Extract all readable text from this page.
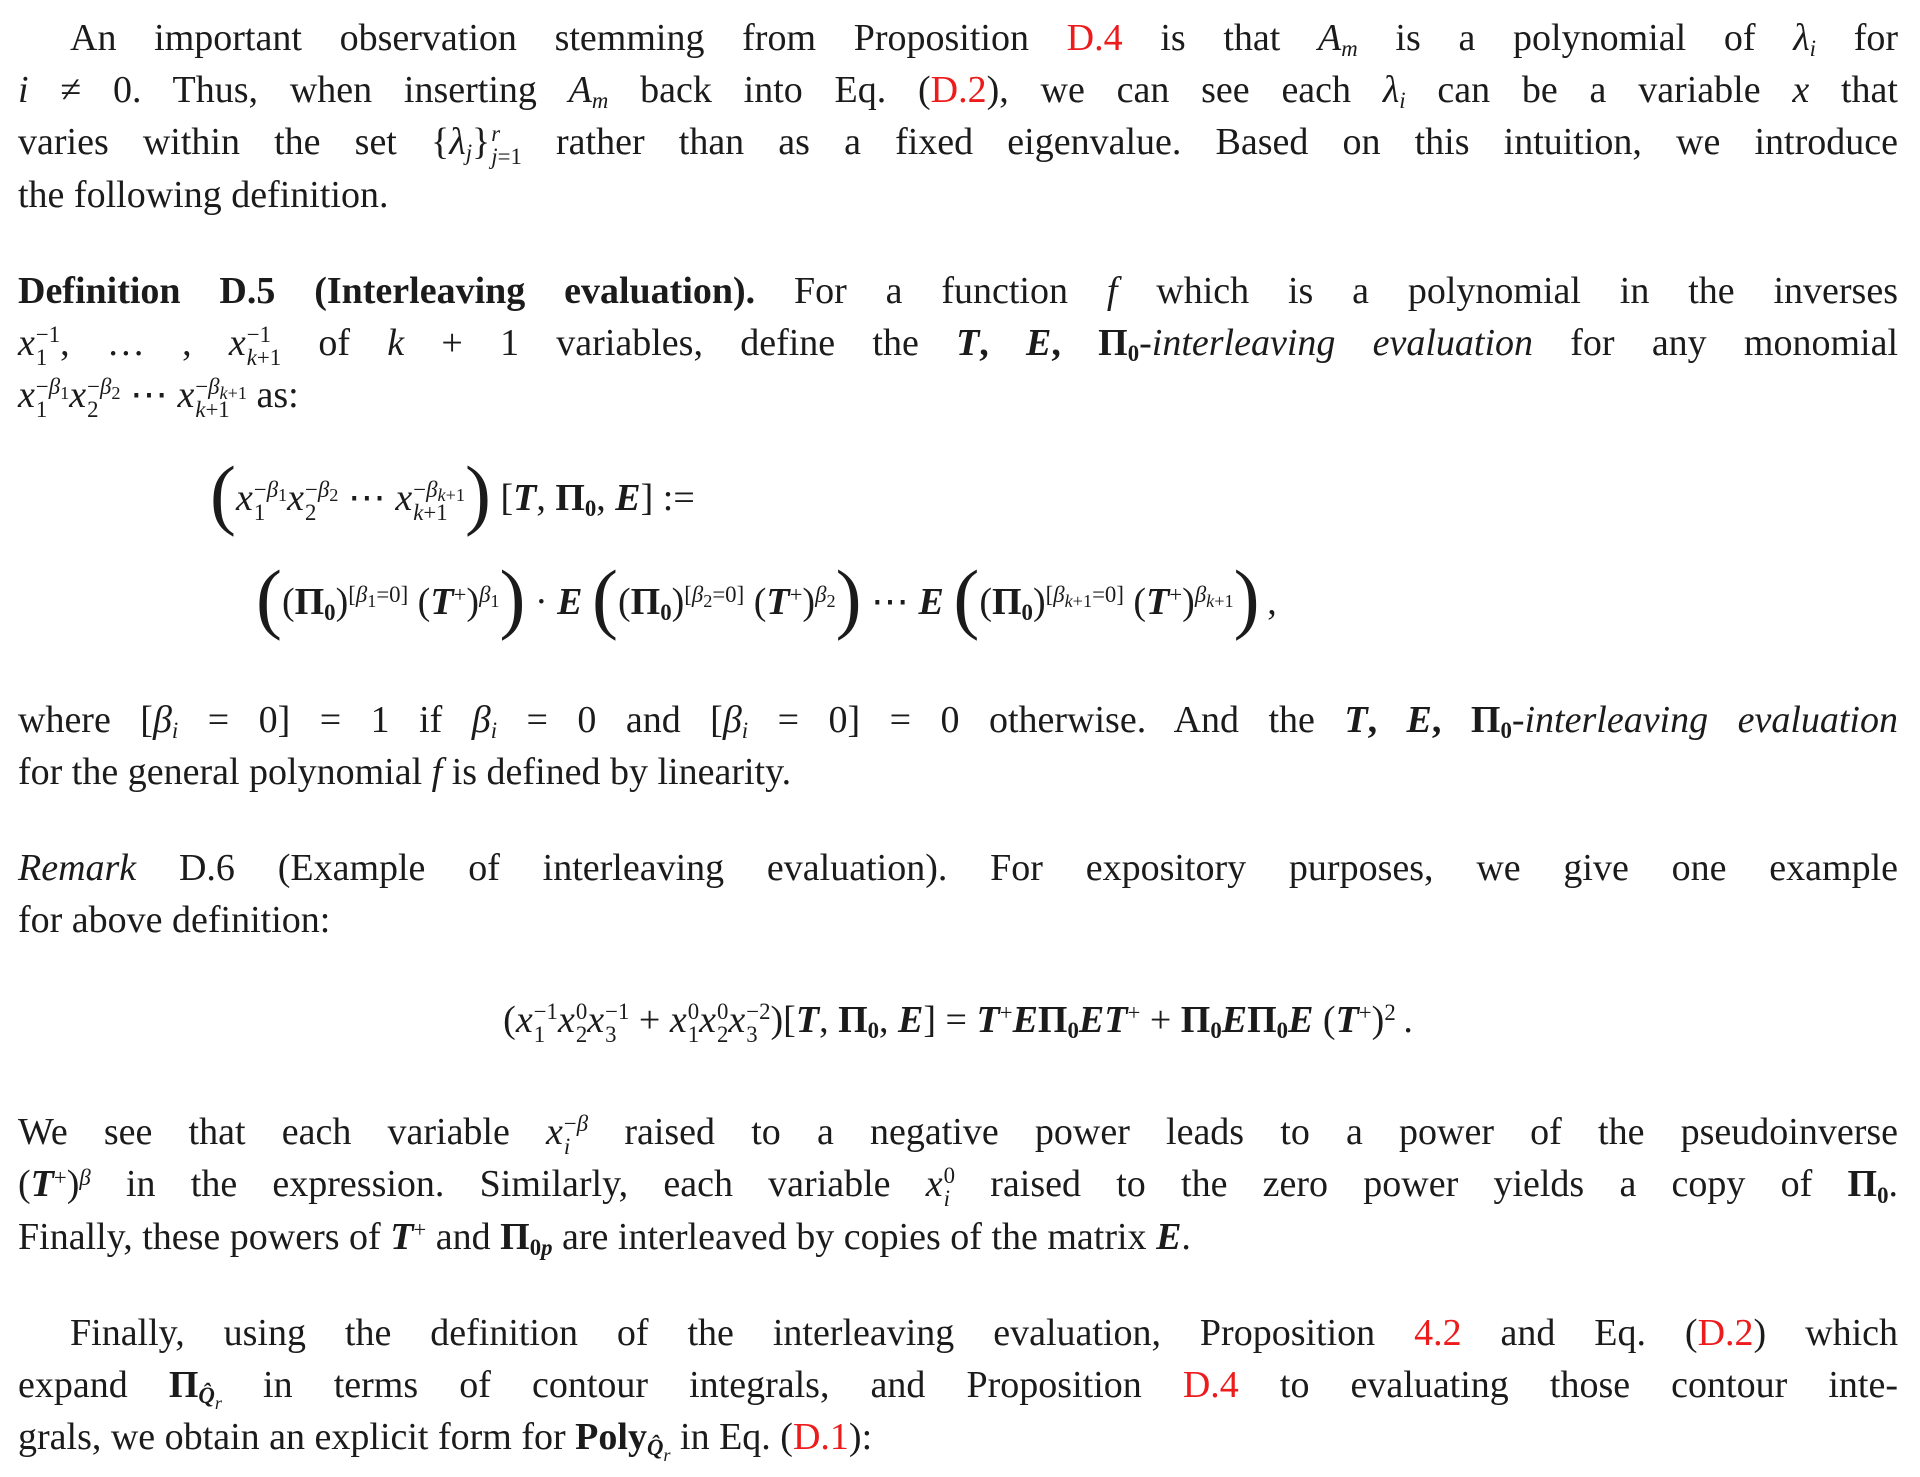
An important observation stemming from Proposition D.4 is that $A_m$ is a polynomial of $\lambda_i$ for
i ≠ 0. Thus, when inserting $A_m$ back into Eq. (D.2), we can see each $\lambda_i$ can be a variable x that
varies within the set $\{\lambda_j\}$ r
j=1 rather than as a fixed eigenvalue. Based on this intuition, we introduce
the following definition.
Definition D.5 (Interleaving evaluation). For a function f which is a polynomial in the inverses
x −1
1 , … , x −1
k+1 of k + 1 variables, define the T, E, $\Pi_0$-interleaving evaluation for any monomial
$x -\beta_1$
1 $x -\beta_2$
2 ⋯ $x -\beta_{k+1}$
k+1 as:
($x -\beta_1$
1 $x -\beta_2$
2 ⋯ $x -\beta_{k+1}$
k+1 ) [T, $\Pi_0$, E] :=
($(\Pi_0)[\beta 1=0]$ $(T^+)^{\beta_1}) \cdot E$ ($(\Pi_0)[\beta 2=0]$ $(T^+)^{\beta_2}$) ⋯ E ($(\Pi_0)[\beta k+1=0]$ $(T^+)^{\beta_{k+1}}$) ,
where $[\beta_i = 0] = 1$ if $\beta_i = 0$ and $[\beta_i = 0] = 0$ otherwise. And the T, E, $\Pi_0$-interleaving evaluation
for the general polynomial f is defined by linearity.
Remark D.6 (Example of interleaving evaluation). For expository purposes, we give one example
for above definition:
(x −1
1 x 0
2 x −1
3 + x 0
1 x 0
2 x −2
3 )[T, $\Pi_0$, $E] = T^+E\Pi_0ET^+ + \Pi_0E\Pi_0E$ $(T^+)^2$ .
We see that each variable x −β
i raised to a negative power leads to a power of the pseudoinverse
$(T^+)^\beta$ in the expression. Similarly, each variable x 0
i raised to the zero power yields a copy of $\Pi_0$.
Finally, these powers of T+ and $\Pi_{0p}$ are interleaved by copies of the matrix E.
Finally, using the definition of the interleaving evaluation, Proposition 4.2 and Eq. (D.2) which
expand $\Pi_{Q̂_r}$ in terms of contour integrals, and Proposition D.4 to evaluating those contour inte-
grals, we obtain an explicit form for Poly$_{Q̂_r}$ in Eq. (D.1):
